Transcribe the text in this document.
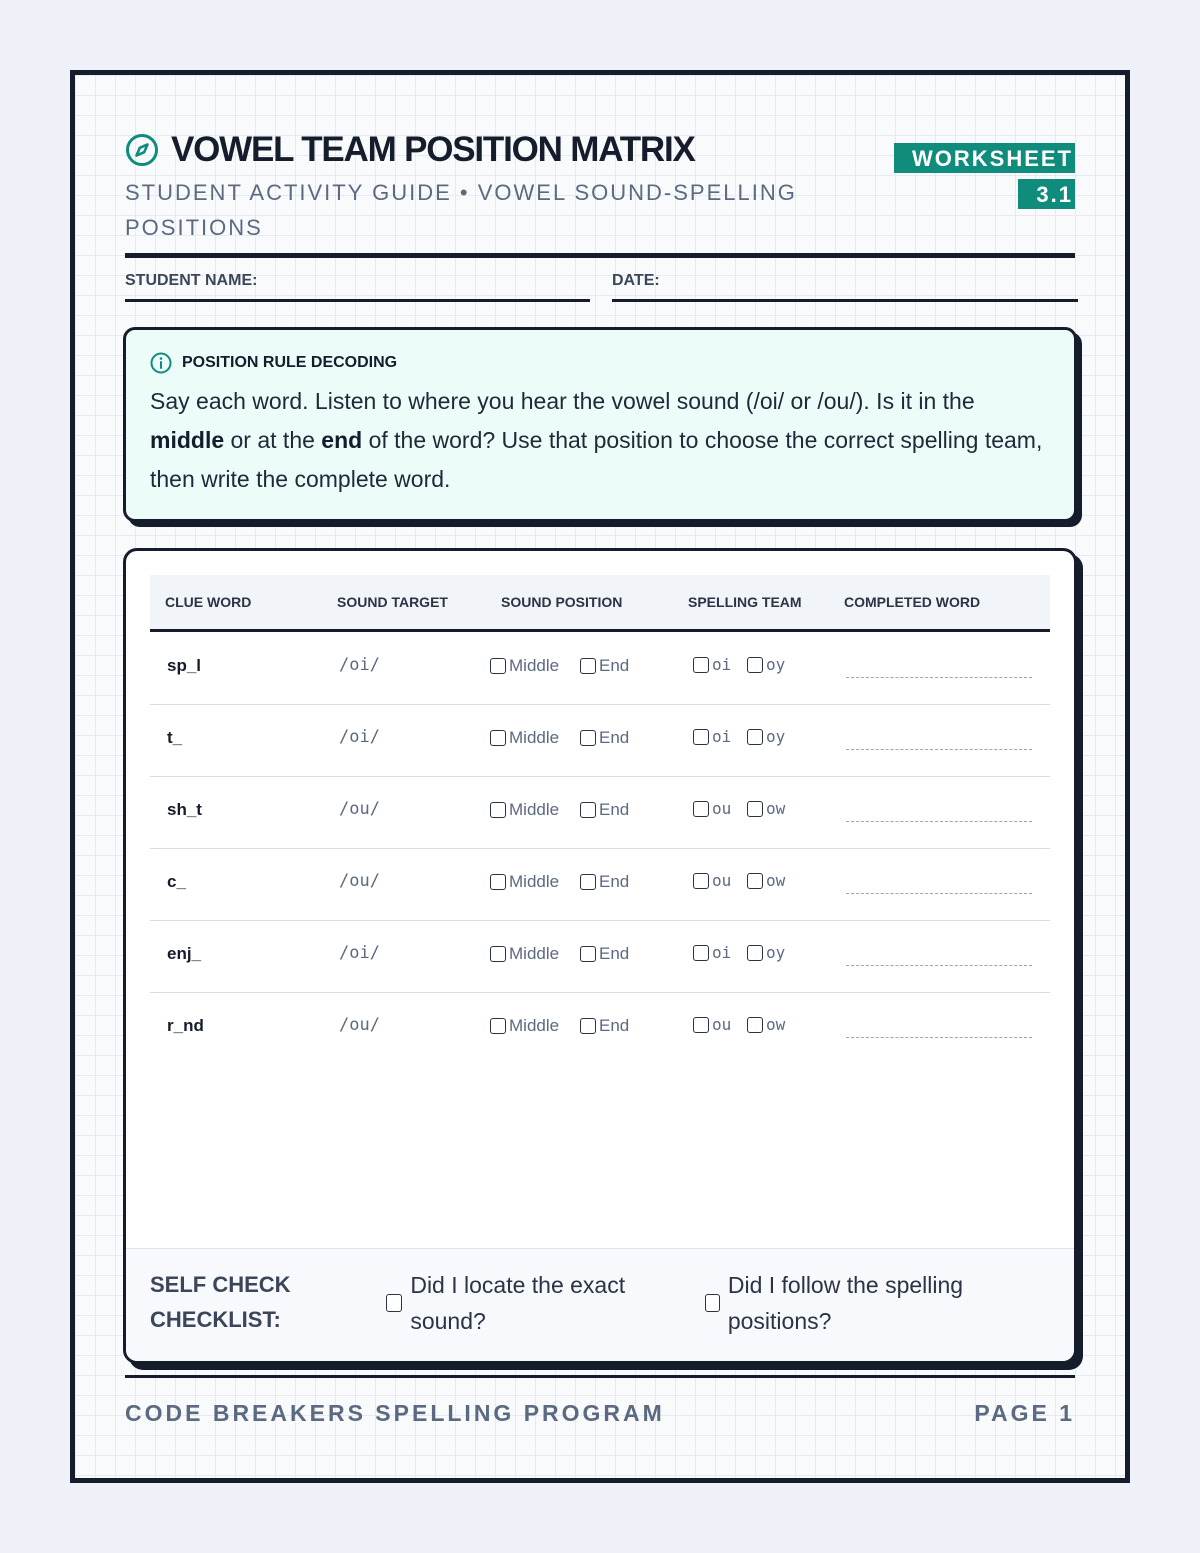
VOWEL TEAM POSITION MATRIX
STUDENT ACTIVITY GUIDE • VOWEL SOUND-SPELLING POSITIONS
WORKSHEET
3.1
STUDENT NAME:	DATE:
POSITION RULE DECODING
Say each word. Listen to where you hear the vowel sound (/oi/ or /ou/). Is it in the middle or at the end of the word? Use that position to choose the correct spelling team, then write the complete word.
CLUE WORD	SOUND TARGET	SOUND POSITION	SPELLING TEAM	COMPLETED WORD
sp_l	/oi/	Middle End	oi oy
t_	/oi/	Middle End	oi oy
sh_t	/ou/	Middle End	ou ow
c_	/ou/	Middle End	ou ow
enj_	/oi/	Middle End	oi oy
r_nd	/ou/	Middle End	ou ow
SELF CHECK CHECKLIST:
Did I locate the exact sound?
Did I follow the spelling positions?
CODE BREAKERS SPELLING PROGRAM	PAGE 1
